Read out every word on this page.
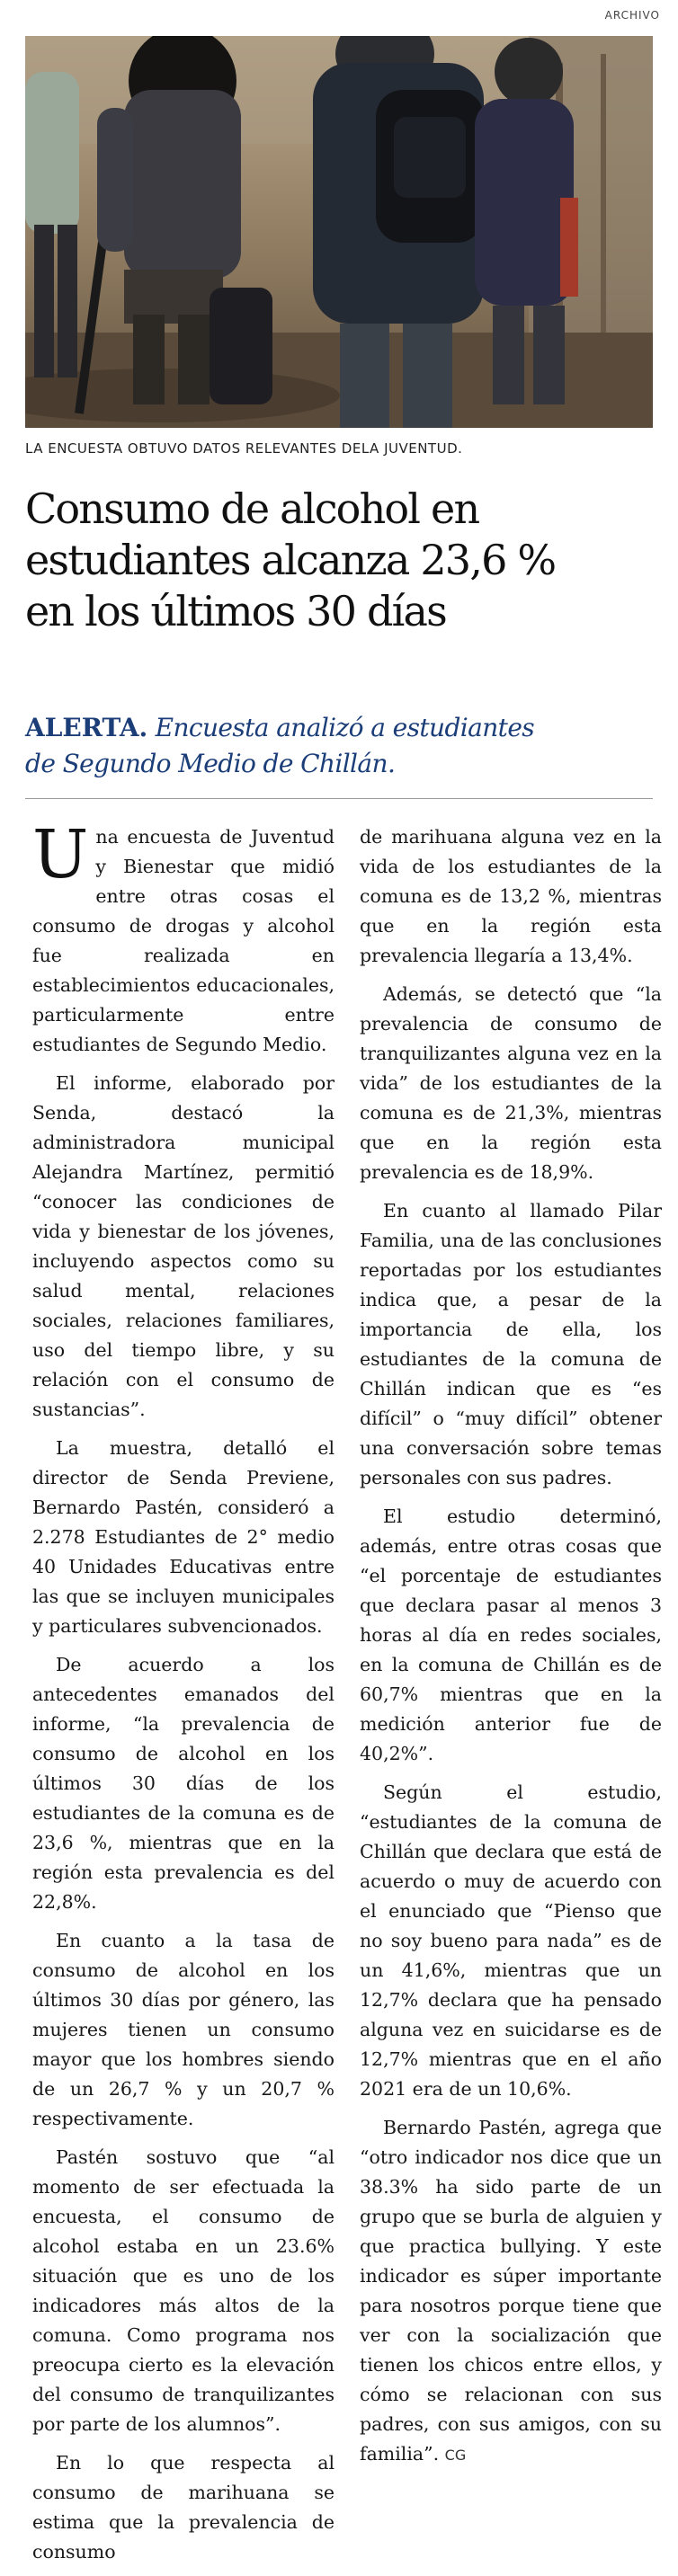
ARCHIVO
LA ENCUESTA OBTUVO DATOS RELEVANTES DELA JUVENTUD.
Consumo de alcohol en
estudiantes alcanza 23,6 %
en los últimos 30 días
ALERTA. Encuesta analizó a estudiantes
de Segundo Medio de Chillán.

Una encuesta de Juventud y Bienestar que midió entre otras cosas el consumo de drogas y alcohol fue realizada en establecimientos educacionales, particularmente entre estudiantes de Segundo Medio.

El informe, elaborado por Senda, destacó la administradora municipal Alejandra Martínez, permitió “conocer las condiciones de vida y bienestar de los jóvenes, incluyendo aspectos como su salud mental, relaciones sociales, relaciones familiares, uso del tiempo libre, y su relación con el consumo de sustancias”.

La muestra, detalló el director de Senda Previene, Bernardo Pastén, consideró a 2.278 Estudiantes de 2° medio 40 Unidades Educativas entre las que se incluyen municipales y particulares subvencionados.

De acuerdo a los antecedentes emanados del informe, “la prevalencia de consumo de alcohol en los últimos 30 días de los estudiantes de la comuna es de 23,6 %, mientras que en la región esta prevalencia es del 22,8%.

En cuanto a la tasa de consumo de alcohol en los últimos 30 días por género, las mujeres tienen un consumo mayor que los hombres siendo de un 26,7 % y un 20,7 % respectivamente.

Pastén sostuvo que “al momento de ser efectuada la encuesta, el consumo de alcohol estaba en un 23.6% situación que es uno de los indicadores más altos de la comuna. Como programa nos preocupa cierto es la elevación del consumo de tranquilizantes por parte de los alumnos”.

En lo que respecta al consumo de marihuana se estima que la prevalencia de consumo

de marihuana alguna vez en la vida de los estudiantes de la comuna es de 13,2 %, mientras que en la región esta prevalencia llegaría a 13,4%.

Además, se detectó que “la prevalencia de consumo de tranquilizantes alguna vez en la vida” de los estudiantes de la comuna es de 21,3%, mientras que en la región esta prevalencia es de 18,9%.

En cuanto al llamado Pilar Familia, una de las conclusiones reportadas por los estudiantes indica que, a pesar de la importancia de ella, los estudiantes de la comuna de Chillán indican que es “es difícil” o “muy difícil” obtener una conversación sobre temas personales con sus padres.

El estudio determinó, además, entre otras cosas que “el porcentaje de estudiantes que declara pasar al menos 3 horas al día en redes sociales, en la comuna de Chillán es de 60,7% mientras que en la medición anterior fue de 40,2%”.

Según el estudio, “estudiantes de la comuna de Chillán que declara que está de acuerdo o muy de acuerdo con el enunciado que “Pienso que no soy bueno para nada” es de un 41,6%, mientras que un 12,7% declara que ha pensado alguna vez en suicidarse es de 12,7% mientras que en el año 2021 era de un 10,6%.

Bernardo Pastén, agrega que “otro indicador nos dice que un 38.3% ha sido parte de un grupo que se burla de alguien y que practica bullying. Y este indicador es súper importante para nosotros porque tiene que ver con la socialización que tienen los chicos entre ellos, y cómo se relacionan con sus padres, con sus amigos, con su familia”. CG
